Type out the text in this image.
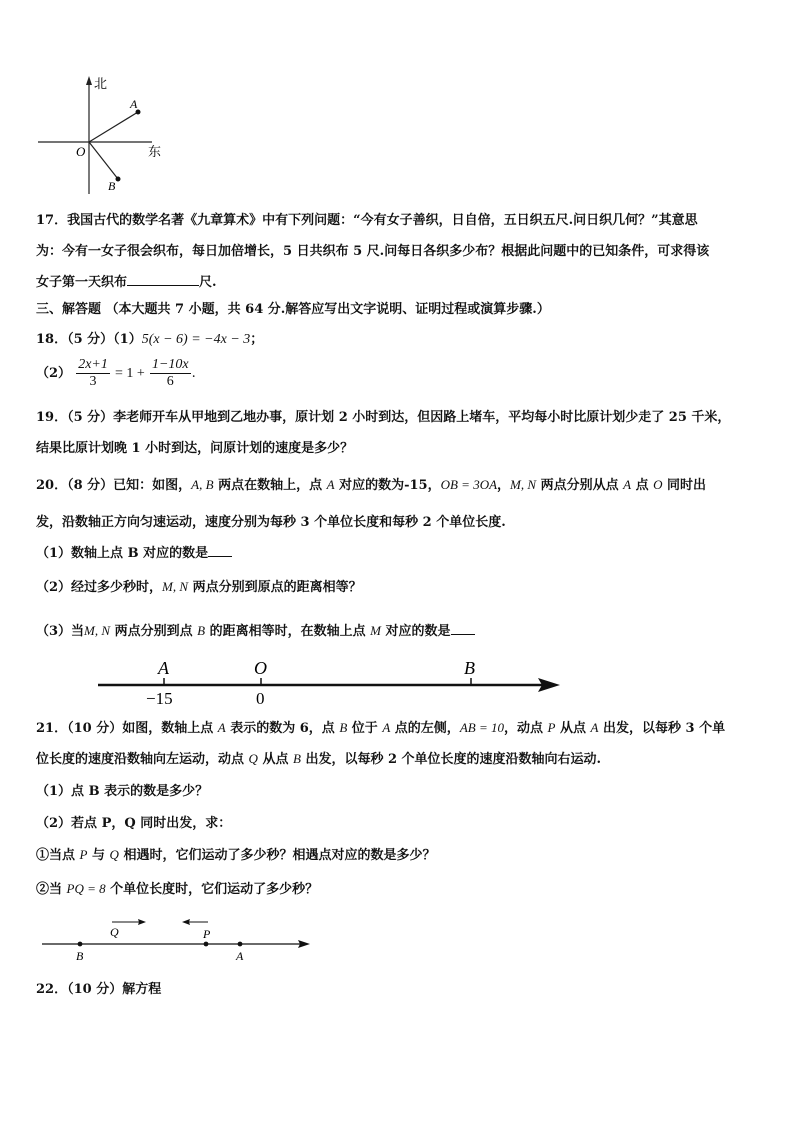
北
东
O
A
B
17．我国古代的数学名著《九章算术》中有下列问题：“今有女子善织，日自倍，五日织五尺.问日织几何？”其意思
为：今有一女子很会织布，每日加倍增长，5 日共织布 5 尺.问每日各织多少布？根据此问题中的已知条件，可求得该
女子第一天织布	尺.
三、解答题 （本大题共 7 小题，共 64 分.解答应写出文字说明、证明过程或演算步骤.）
18．（5 分）（1）5(x − 6) = −4x − 3；
$(2) \frac{2x+1}{3} = 1 + \frac{1-10x}{6}$ .
19．（5 分）李老师开车从甲地到乙地办事，原计划 2 小时到达，但因路上堵车，平均每小时比原计划少走了 25 千米，
结果比原计划晚 1 小时到达，问原计划的速度是多少？
20．（8 分）已知：如图，A, B 两点在数轴上，点 A 对应的数为-15，OB = 3OA，M, N 两点分别从点 A 点 O 同时出
发，沿数轴正方向匀速运动，速度分别为每秒 3 个单位长度和每秒 2 个单位长度.
（1）数轴上点 B 对应的数是
（2）经过多少秒时，M, N 两点分别到原点的距离相等？
（3）当M, N 两点分别到点 B 的距离相等时，在数轴上点 M 对应的数是
A	O	B
−15	0
21．（10 分）如图，数轴上点 A 表示的数为 6，点 B 位于 A 点的左侧，AB = 10，动点 P 从点 A 出发，以每秒 3 个单
位长度的速度沿数轴向左运动，动点 Q 从点 B 出发，以每秒 2 个单位长度的速度沿数轴向右运动.
（1）点 B 表示的数是多少？
（2）若点 P，Q 同时出发，求：
①当点 P 与 Q 相遇时，它们运动了多少秒？相遇点对应的数是多少？
②当 PQ = 8 个单位长度时，它们运动了多少秒？
B
Q	P
A
22．（10 分）解方程
